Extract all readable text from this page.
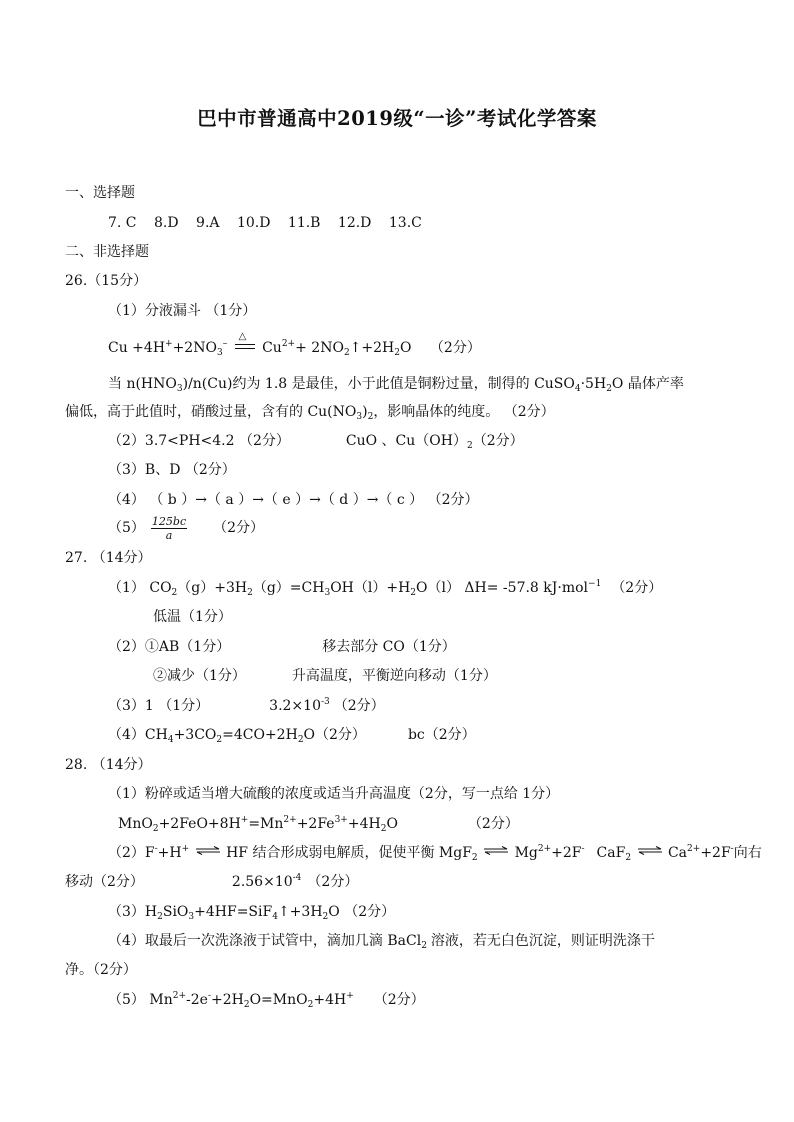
巴中市普通高中2019级“一诊”考试化学答案
一、选择题
7. C 8.D 9.A 10.D 11.B 12.D 13.C
二、非选择题
26.（15分）
（1）分液漏斗 （1分）
$Cu +4H^++2NO_3^-$
△
$Cu^{2+}+$ $2NO_2↑+2H_2O$ （2分）
当 $n(HNO_3)/n(Cu)$约为 1.8 是最佳，小于此值是铜粉过量，制得的 $CuSO_4\cdot 5H_2O$ 晶体产率
偏低，高于此值时，硝酸过量，含有的 $Cu(NO_3)_2$，影响晶体的纯度。 （2分）
（2）3.7<PH<4.2 （2分）	CuO 、$Cu(OH)_2(2$分）
（3）B、D （2分）
（4） （ b ）→（ a ）→（ e ）→（ d ）→（ c ） （2分）
$(5) \frac{125bc}{a} (2$分）
27. （14分）
（1） $CO_2(g)+3H_2(g)=CH_3OH(l)+H_2O(l)$ ΔH= -57.8 kJ·mol$^{-1}$ （2分）
低温（1分）
（2）①AB（1分）	移去部分 CO（1分）
②减少（1分）	升高温度，平衡逆向移动（1分）
（3）1 （1分）	$3.2\times 10^{-3}$ （2分）
$(4)CH_4+3CO_2=4CO+2H_2O(2$分）	bc（2分）
28. （14分）
（1）粉碎或适当增大硫酸的浓度或适当升高温度（2分，写一点给 1分）
$MnO_2+2FeO+8H^+=Mn^{2+}+2Fe^{3+}+4H_2O$	（2分）
（2）F-+H+ ⇌ HF 结合形成弱电解质，促使平衡 MgF$_2$ ⇌ $Mg^{2+}+2F^-$ CaF$_2$ ⇌ $Ca^{2+}+2F^-$向右
移动（2分）	$2.56\times 10^{-4}$ （2分）
$(3)H_2SiO_3+4HF=SiF_4↑+3H_2O$ （2分）
（4）取最后一次洗涤液于试管中，滴加几滴 BaCl$_2$ 溶液，若无白色沉淀，则证明洗涤干
净。（2分）
（5） $Mn^{2+}-2e^-+2H_2O=MnO_2+4H^+$ （2分）
